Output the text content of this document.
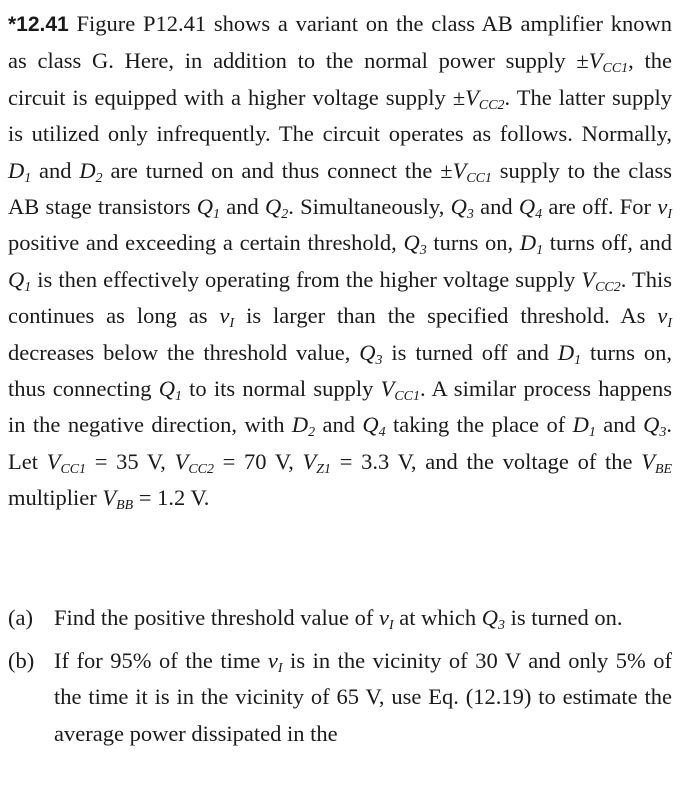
*12.41 Figure P12.41 shows a variant on the class AB amplifier known as class G. Here, in addition to the normal power supply $\pm V_{CC1}$, the circuit is equipped with a higher voltage supply $\pm V_{CC2}$. The latter supply is utilized only infrequently. The circuit operates as follows. Normally, $D_1$ and $D_2$ are turned on and thus connect the $\pm V_{CC1}$ supply to the class AB stage transistors $Q_1$ and $Q_2$. Simultaneously, $Q_3$ and $Q_4$ are off. For $v_I$ positive and exceeding a certain threshold, $Q_3$ turns on, $D_1$ turns off, and $Q_1$ is then effectively operating from the higher voltage supply $V_{CC2}$. This continues as long as $v_I$ is larger than the specified threshold. As $v_I$ decreases below the threshold value, $Q_3$ is turned off and $D_1$ turns on, thus connecting $Q_1$ to its normal supply $V_{CC1}$. A similar process happens in the negative direction, with $D_2$ and $Q_4$ taking the place of $D_1$ and $Q_3$. Let $V_{CC1} = 35$ V, $V_{CC2} = 70$ V, $V_{Z1} = 3.3$ V, and the voltage of the $V_{BE}$ multiplier $V_{BB} = 1.2$ V.
(a) Find the positive threshold value of $v_I$ at which $Q_3$ is turned on.
(b) If for 95% of the time $v_I$ is in the vicinity of 30 V and only 5% of the time it is in the vicinity of 65 V, use Eq. (12.19) to estimate the average power dissipated in the
